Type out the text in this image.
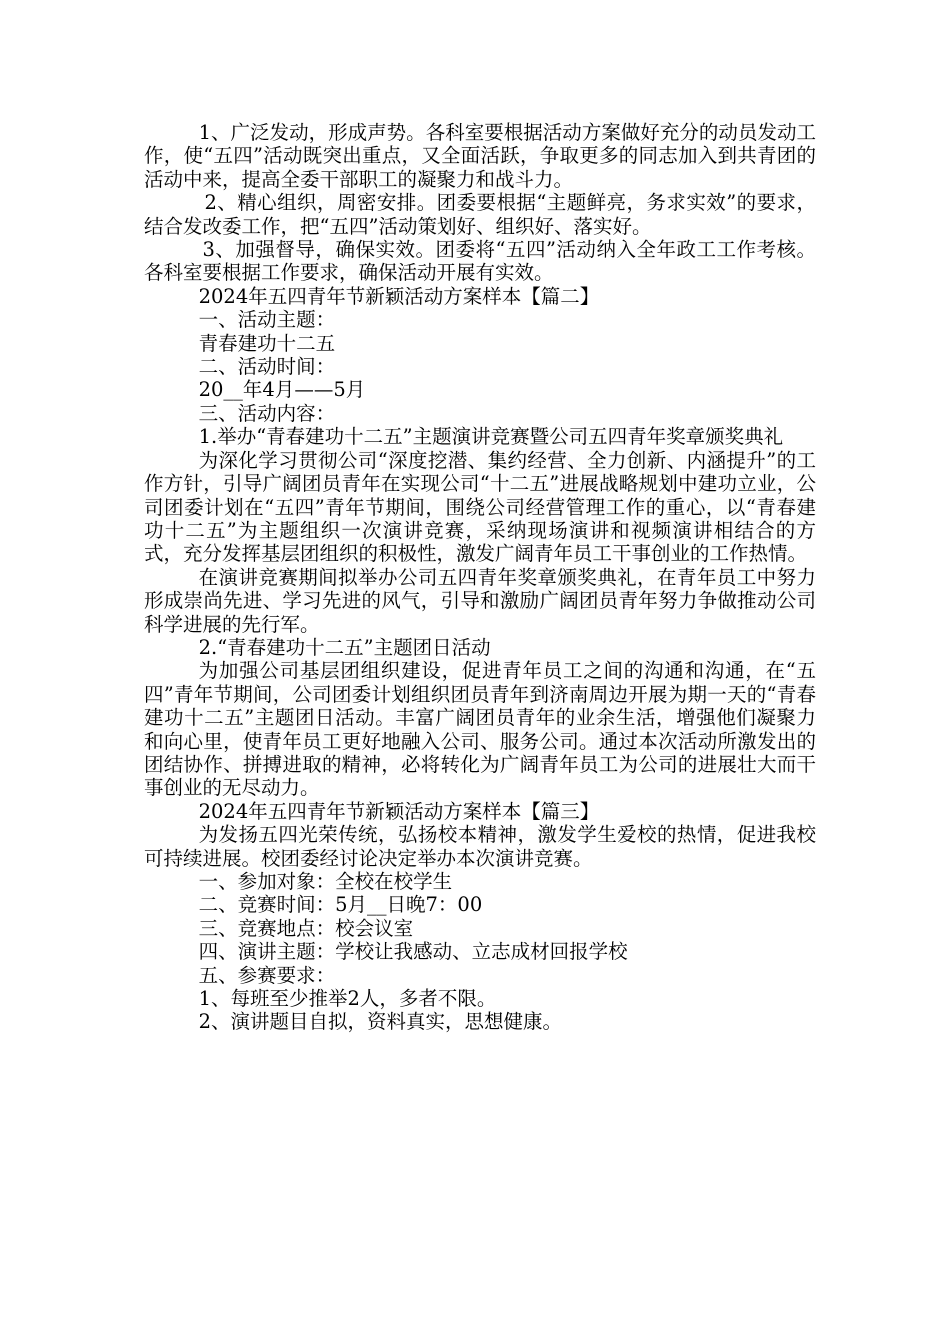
1、广泛发动，形成声势。各科室要根据活动方案做好充分的动员发动工作，使“五四”活动既突出重点，又全面活跃，争取更多的同志加入到共青团的活动中来，提高全委干部职工的凝聚力和战斗力。

2、精心组织，周密安排。团委要根据“主题鲜亮，务求实效”的要求，结合发改委工作，把“五四”活动策划好、组织好、落实好。

3、加强督导，确保实效。团委将“五四”活动纳入全年政工工作考核。各科室要根据工作要求，确保活动开展有实效。

2024年五四青年节新颖活动方案样本【篇二】

一、活动主题：

青春建功十二五

二、活动时间：

20__年4月——5月

三、活动内容：

1.举办“青春建功十二五”主题演讲竞赛暨公司五四青年奖章颁奖典礼

为深化学习贯彻公司“深度挖潜、集约经营、全力创新、内涵提升”的工作方针，引导广阔团员青年在实现公司“十二五”进展战略规划中建功立业，公司团委计划在“五四”青年节期间，围绕公司经营管理工作的重心，以“青春建功十二五”为主题组织一次演讲竞赛，采纳现场演讲和视频演讲相结合的方式，充分发挥基层团组织的积极性，激发广阔青年员工干事创业的工作热情。

在演讲竞赛期间拟举办公司五四青年奖章颁奖典礼，在青年员工中努力形成崇尚先进、学习先进的风气，引导和激励广阔团员青年努力争做推动公司科学进展的先行军。

2.“青春建功十二五”主题团日活动

为加强公司基层团组织建设，促进青年员工之间的沟通和沟通，在“五四”青年节期间，公司团委计划组织团员青年到济南周边开展为期一天的“青春建功十二五”主题团日活动。丰富广阔团员青年的业余生活，增强他们凝聚力和向心里，使青年员工更好地融入公司、服务公司。通过本次活动所激发出的团结协作、拼搏进取的精神，必将转化为广阔青年员工为公司的进展壮大而干事创业的无尽动力。

2024年五四青年节新颖活动方案样本【篇三】

为发扬五四光荣传统，弘扬校本精神，激发学生爱校的热情，促进我校可持续进展。校团委经讨论决定举办本次演讲竞赛。

一、参加对象：全校在校学生

二、竞赛时间：5月__日晚7：00

三、竞赛地点：校会议室

四、演讲主题：学校让我感动、立志成材回报学校

五、参赛要求：

1、每班至少推举2人，多者不限。

2、演讲题目自拟，资料真实，思想健康。
